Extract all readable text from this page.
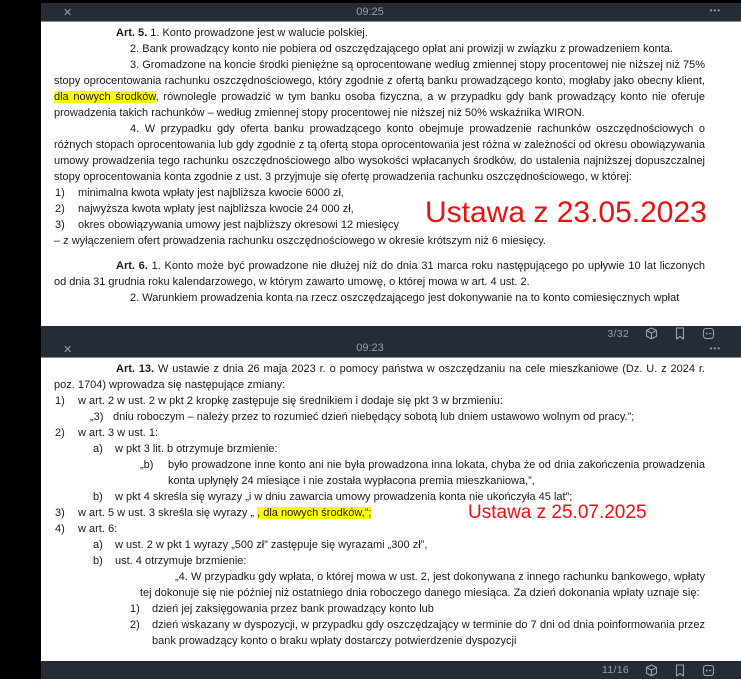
✕	09:25	•••

Art. 5. 1. Konto prowadzone jest w walucie polskiej.

2. Bank prowadzący konto nie pobiera od oszczędzającego opłat ani prowizji w związku z prowadzeniem konta.

3. Gromadzone na koncie środki pieniężne są oprocentowane według zmiennej stopy procentowej nie niższej niż 75% stopy oprocentowania rachunku oszczędnościowego, który zgodnie z ofertą banku prowadzącego konto, mogłaby jako obecny klient, dla nowych środków, równolegle prowadzić w tym banku osoba fizyczna, a w przypadku gdy bank prowadzący konto nie oferuje prowadzenia takich rachunków – według zmiennej stopy procentowej nie niższej niż 50% wskaźnika WIRON.

4. W przypadku gdy oferta banku prowadzącego konto obejmuje prowadzenie rachunków oszczędnościowych o różnych stopach oprocentowania lub gdy zgodnie z tą ofertą stopa oprocentowania jest różna w zależności od okresu obowiązywania umowy prowadzenia tego rachunku oszczędnościowego albo wysokości wpłacanych środków, do ustalenia najniższej dopuszczalnej stopy oprocentowania konta zgodnie z ust. 3 przyjmuje się ofertę prowadzenia rachunku oszczędnościowego, w której:

1) minimalna kwota wpłaty jest najbliższa kwocie 6000 zł,
2) najwyższa kwota wpłaty jest najbliższa kwocie 24 000 zł,
3) okres obowiązywania umowy jest najbliższy okresowi 12 miesięcy
– z wyłączeniem ofert prowadzenia rachunku oszczędnościowego w okresie krótszym niż 6 miesięcy.

Art. 6. 1. Konto może być prowadzone nie dłużej niż do dnia 31 marca roku następującego po upływie 10 lat liczonych od dnia 31 grudnia roku kalendarzowego, w którym zawarto umowę, o której mowa w art. 4 ust. 2.

2. Warunkiem prowadzenia konta na rzecz oszczędzającego jest dokonywanie na to konto comiesięcznych wpłat

Ustawa z 23.05.2023
3/32
✕	09:23	•••

Art. 13. W ustawie z dnia 26 maja 2023 r. o pomocy państwa w oszczędzaniu na cele mieszkaniowe (Dz. U. z 2024 r. poz. 1704) wprowadza się następujące zmiany:

1) w art. 2 w ust. 2 w pkt 2 kropkę zastępuje się średnikiem i dodaje się pkt 3 w brzmieniu:
„3) dniu roboczym – należy przez to rozumieć dzień niebędący sobotą lub dniem ustawowo wolnym od pracy.”;
2) w art. 3 w ust. 1:
a) w pkt 3 lit. b otrzymuje brzmienie:
„b) było prowadzone inne konto ani nie była prowadzona inna lokata, chyba że od dnia zakończenia prowadzenia konta upłynęły 24 miesiące i nie została wypłacona premia mieszkaniowa,”,
b) w pkt 4 skreśla się wyrazy „i w dniu zawarcia umowy prowadzenia konta nie ukończyła 45 lat”;
3) w art. 5 w ust. 3 skreśla się wyrazy „ , dla nowych środków,”;
4) w art. 6:
a) w ust. 2 w pkt 1 wyrazy „500 zł” zastępuje się wyrazami „300 zł”,
b) ust. 4 otrzymuje brzmienie:
„4. W przypadku gdy wpłata, o której mowa w ust. 2, jest dokonywana z innego rachunku bankowego, wpłaty tej dokonuje się nie później niż ostatniego dnia roboczego danego miesiąca. Za dzień dokonania wpłaty uznaje się:
1) dzień jej zaksięgowania przez bank prowadzący konto lub
2) dzień wskazany w dyspozycji, w przypadku gdy oszczędzający w terminie do 7 dni od dnia poinformowania przez bank prowadzący konto o braku wpłaty dostarczy potwierdzenie dyspozycji
Ustawa z 25.07.2025
11/16
